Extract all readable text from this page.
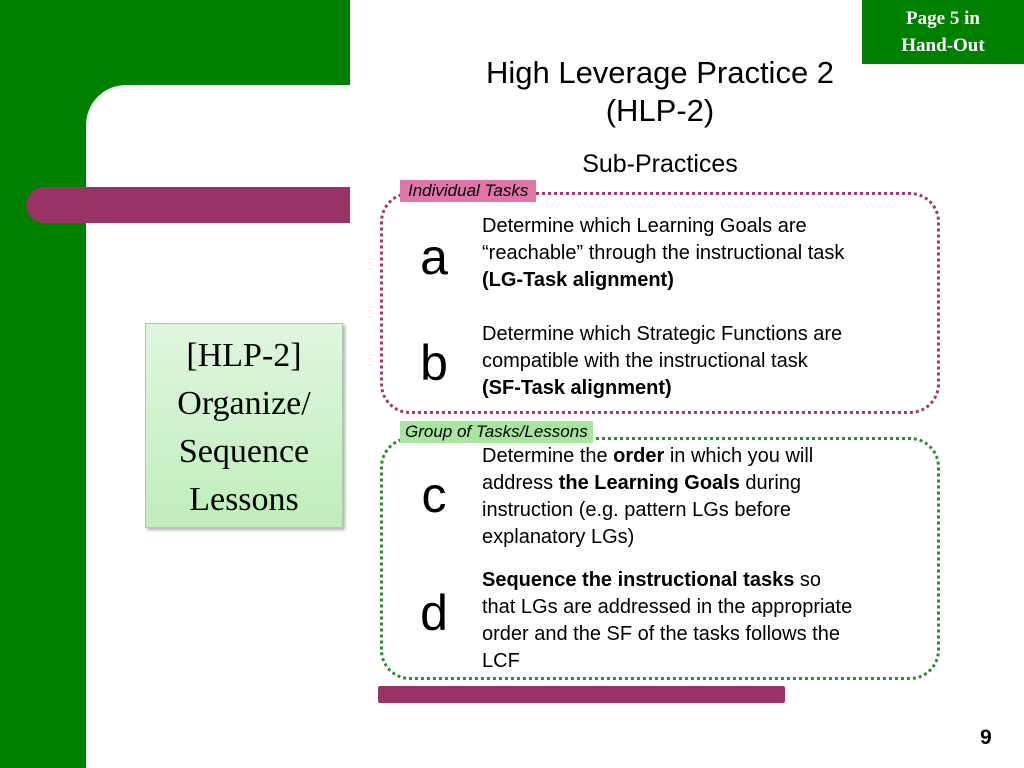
Page 5 in
Hand-Out
High Leverage Practice 2
(HLP-2)
Sub-Practices
Individual Tasks
Group of Tasks/Lessons
a
Determine which Learning Goals are
“reachable” through the instructional task
(LG-Task alignment)
b
Determine which Strategic Functions are
compatible with the instructional task
(SF-Task alignment)
c
Determine the order in which you will
address the Learning Goals during
instruction (e.g. pattern LGs before
explanatory LGs)
d
Sequence the instructional tasks so
that LGs are addressed in the appropriate
order and the SF of the tasks follows the
LCF
[HLP-2]
Organize/
Sequence
Lessons
9
